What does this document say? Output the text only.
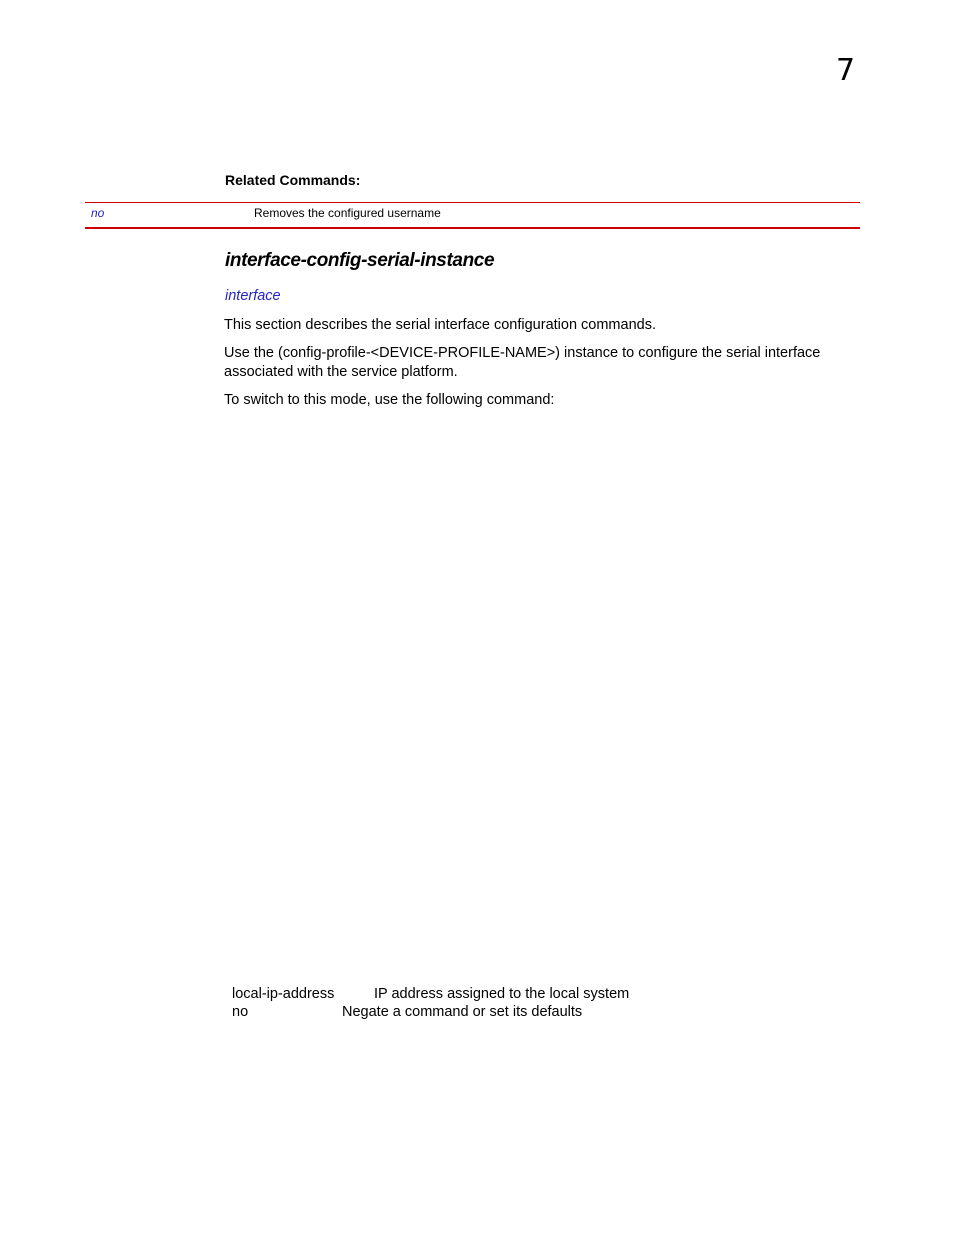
7
Related Commands:
no	Removes the configured username
interface-config-serial-instance
interface

This section describes the serial interface configuration commands.

Use the (config-profile-<DEVICE-PROFILE-NAME>) instance to configure the serial interface associated with the service platform.

To switch to this mode, use the following command:

local-ip-address	IP address assigned to the local system
no	Negate a command or set its defaults
